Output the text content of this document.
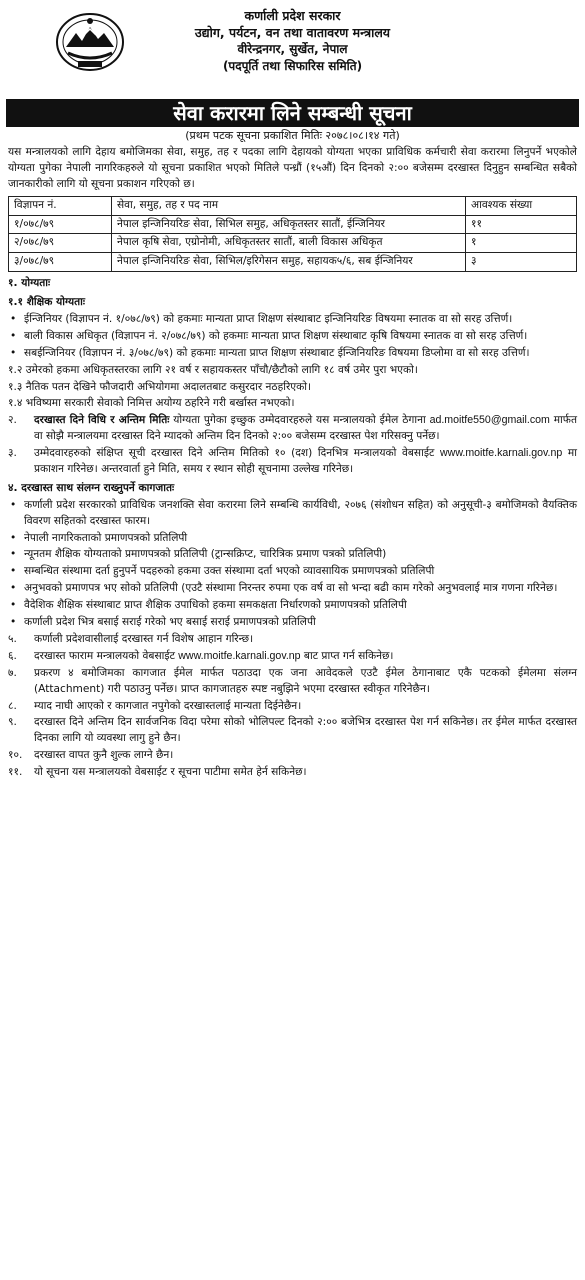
कर्णाली प्रदेश सरकार
उद्योग, पर्यटन, वन तथा वातावरण मन्त्रालय
वीरेन्द्रनगर, सुर्खेत, नेपाल
(पदपूर्ति तथा सिफारिस समिति)
सेवा करारमा लिने सम्बन्धी सूचना
(प्रथम पटक सूचना प्रकाशित मितिः २०७८।०८।१४ गते)
यस मन्त्रालयको लागि देहाय बमोजिमका सेवा, समुह, तह र पदका लागि देहायको योग्यता भएका प्राविधिक कर्मचारी सेवा करारमा लिनुपर्ने भएकोले योग्यता पुगेका नेपाली नागरिकहरुले यो सूचना प्रकाशित भएको मितिले पन्ध्रौं (१५औं) दिन दिनको २:०० बजेसम्म दरखास्त दिनुहुन सम्बन्धित सबैको जानकारीको लागि यो सूचना प्रकाशन गरिएको छ।
विज्ञापन नं.	सेवा, समुह, तह र पद नाम	आवश्यक संख्या
१/०७८/७९	नेपाल इन्जिनियरिङ सेवा, सिभिल समुह, अधिकृतस्तर सातौं, ईन्जिनियर	११
२/०७८/७९	नेपाल कृषि सेवा, एग्रोनोमी, अधिकृतस्तर सातौं, बाली विकास अधिकृत	१
३/०७८/७९	नेपाल इन्जिनियरिङ सेवा, सिभिल/इरिगेसन समुह, सहायक५/६, सब ईन्जिनियर	३
१. योग्यताः
१.१ शैक्षिक योग्यताः
• ईन्जिनियर (विज्ञापन नं. १/०७८/७९) को हकमाः मान्यता प्राप्त शिक्षण संस्थाबाट इन्जिनियरिङ विषयमा स्नातक वा सो सरह उत्तिर्ण।
• बाली विकास अधिकृत (विज्ञापन नं. २/०७८/७९) को हकमाः मान्यता प्राप्त शिक्षण संस्थाबाट कृषि विषयमा स्नातक वा सो सरह उत्तिर्ण।
• सबईन्जिनियर (विज्ञापन नं. ३/०७८/७९) को हकमाः मान्यता प्राप्त शिक्षण संस्थाबाट ईन्जिनियरिङ विषयमा डिप्लोमा वा सो सरह उत्तिर्ण।
१.२ उमेरको हकमा अधिकृतस्तरका लागि २१ वर्ष र सहायकस्तर पाँचौ/छैटौको लागि १८ वर्ष उमेर पुरा भएको।
१.३ नैतिक पतन देखिने फौजदारी अभियोगमा अदालतबाट कसुरदार नठहरिएको।
१.४ भविष्यमा सरकारी सेवाको निमित्त अयोग्य ठहरिने गरी बर्खास्त नभएको।
२. दरखास्त दिने विधि र अन्तिम मितिः योग्यता पुगेका इच्छुक उम्मेदवारहरुले यस मन्त्रालयको ईमेल ठेगाना ad.moitfe550@gmail.com मार्फत वा सोझै मन्त्रालयमा दरखास्त दिने म्यादको अन्तिम दिन दिनको २:०० बजेसम्म दरखास्त पेश गरिसक्नु पर्नेछ।
३. उम्मेदवारहरुको संक्षिप्त सूची दरखास्त दिने अन्तिम मितिको १० (दश) दिनभित्र मन्त्रालयको वेबसाईट www.moitfe.karnali.gov.np मा प्रकाशन गरिनेछ। अन्तरवार्ता हुने मिति, समय र स्थान सोही सूचनामा उल्लेख गरिनेछ।
४. दरखास्त साथ संलग्न राख्नुपर्ने कागजातः
• कर्णाली प्रदेश सरकारको प्राविधिक जनशक्ति सेवा करारमा लिने सम्बन्धि कार्यविधी, २०७६ (संशोधन सहित) को अनुसूची-३ बमोजिमको वैयक्तिक विवरण सहितको दरखास्त फारम।
• नेपाली नागरिकताको प्रमाणपत्रको प्रतिलिपी
• न्यूनतम शैक्षिक योग्यताको प्रमाणपत्रको प्रतिलिपी (ट्रान्सक्रिप्ट, चारित्रिक प्रमाण पत्रको प्रतिलिपी)
• सम्बन्धित संस्थामा दर्ता हुनुपर्ने पदहरुको हकमा उक्त संस्थामा दर्ता भएको व्यावसायिक प्रमाणपत्रको प्रतिलिपी
• अनुभवको प्रमाणपत्र भए सोको प्रतिलिपी (एउटै संस्थामा निरन्तर रुपमा एक वर्ष वा सो भन्दा बढी काम गरेको अनुभवलाई मात्र गणना गरिनेछ।
• वैदेशिक शैक्षिक संस्थाबाट प्राप्त शैक्षिक उपाधिको हकमा समकक्षता निर्धारणको प्रमाणपत्रको प्रतिलिपी
• कर्णाली प्रदेश भित्र बसाई सराई गरेको भए बसाई सराई प्रमाणपत्रको प्रतिलिपी
५. कर्णाली प्रदेशवासीलाई दरखास्त गर्न विशेष आहान गरिन्छ।
६. दरखास्त फाराम मन्त्रालयको वेबसाईट www.moitfe.karnali.gov.np बाट प्राप्त गर्न सकिनेछ।
७. प्रकरण ४ बमोजिमका कागजात ईमेल मार्फत पठाउदा एक जना आवेदकले एउटै ईमेल ठेगानाबाट एकै पटकको ईमेलमा संलग्न (Attachment) गरी पठाउनु पर्नेछ। प्राप्त कागजातहरु स्पष्ट नबुझिने भएमा दरखास्त स्वीकृत गरिनेछैन।
८. म्याद नाघी आएको र कागजात नपुगेको दरखास्तलाई मान्यता दिईनेछैन।
९. दरखास्त दिने अन्तिम दिन सार्वजनिक विदा परेमा सोको भोलिपल्ट दिनको २:०० बजेभित्र दरखास्त पेश गर्न सकिनेछ। तर ईमेल मार्फत दरखास्त दिनका लागि यो व्यवस्था लागु हुने छैन।
१०. दरखास्त वापत कुनै शुल्क लाग्ने छैन।
११. यो सूचना यस मन्त्रालयको वेबसाईट र सूचना पाटीमा समेत हेर्न सकिनेछ।
